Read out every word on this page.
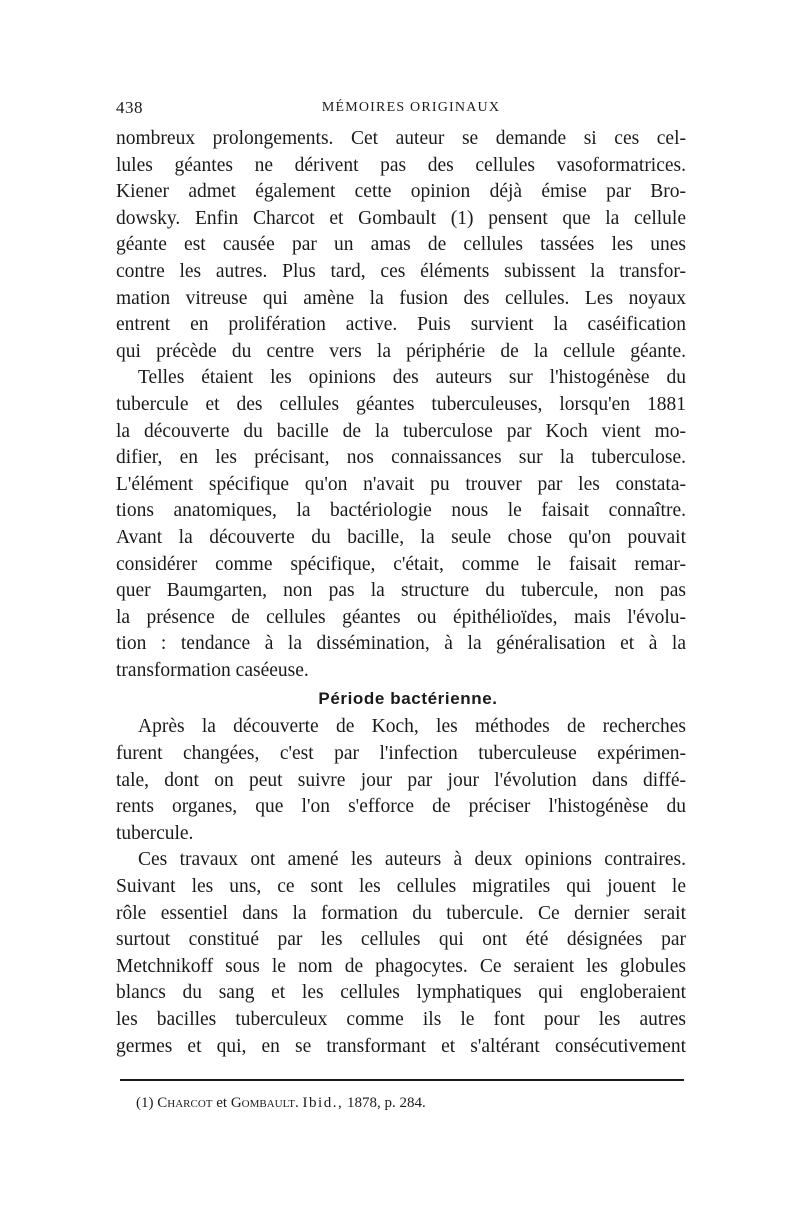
438	MÉMOIRES ORIGINAUX
nombreux prolongements. Cet auteur se demande si ces cel-
lules géantes ne dérivent pas des cellules vasoformatrices.
Kiener admet également cette opinion déjà émise par Bro-
dowsky. Enfin Charcot et Gombault (1) pensent que la cellule
géante est causée par un amas de cellules tassées les unes
contre les autres. Plus tard, ces éléments subissent la transfor-
mation vitreuse qui amène la fusion des cellules. Les noyaux
entrent en prolifération active. Puis survient la caséification
qui précède du centre vers la périphérie de la cellule géante.
Telles étaient les opinions des auteurs sur l'histogénèse du
tubercule et des cellules géantes tuberculeuses, lorsqu'en 1881
la découverte du bacille de la tuberculose par Koch vient mo-
difier, en les précisant, nos connaissances sur la tuberculose.
L'élément spécifique qu'on n'avait pu trouver par les constata-
tions anatomiques, la bactériologie nous le faisait connaître.
Avant la découverte du bacille, la seule chose qu'on pouvait
considérer comme spécifique, c'était, comme le faisait remar-
quer Baumgarten, non pas la structure du tubercule, non pas
la présence de cellules géantes ou épithélioïdes, mais l'évolu-
tion : tendance à la dissémination, à la généralisation et à la
transformation caséeuse.
Période bactérienne.
Après la découverte de Koch, les méthodes de recherches
furent changées, c'est par l'infection tuberculeuse expérimen-
tale, dont on peut suivre jour par jour l'évolution dans diffé-
rents organes, que l'on s'efforce de préciser l'histogénèse du
tubercule.
Ces travaux ont amené les auteurs à deux opinions contraires.
Suivant les uns, ce sont les cellules migratiles qui jouent le
rôle essentiel dans la formation du tubercule. Ce dernier serait
surtout constitué par les cellules qui ont été désignées par
Metchnikoff sous le nom de phagocytes. Ce seraient les globules
blancs du sang et les cellules lymphatiques qui engloberaient
les bacilles tuberculeux comme ils le font pour les autres
germes et qui, en se transformant et s'altérant consécutivement
(1) Charcot et Gombault. Ibid., 1878, p. 284.
